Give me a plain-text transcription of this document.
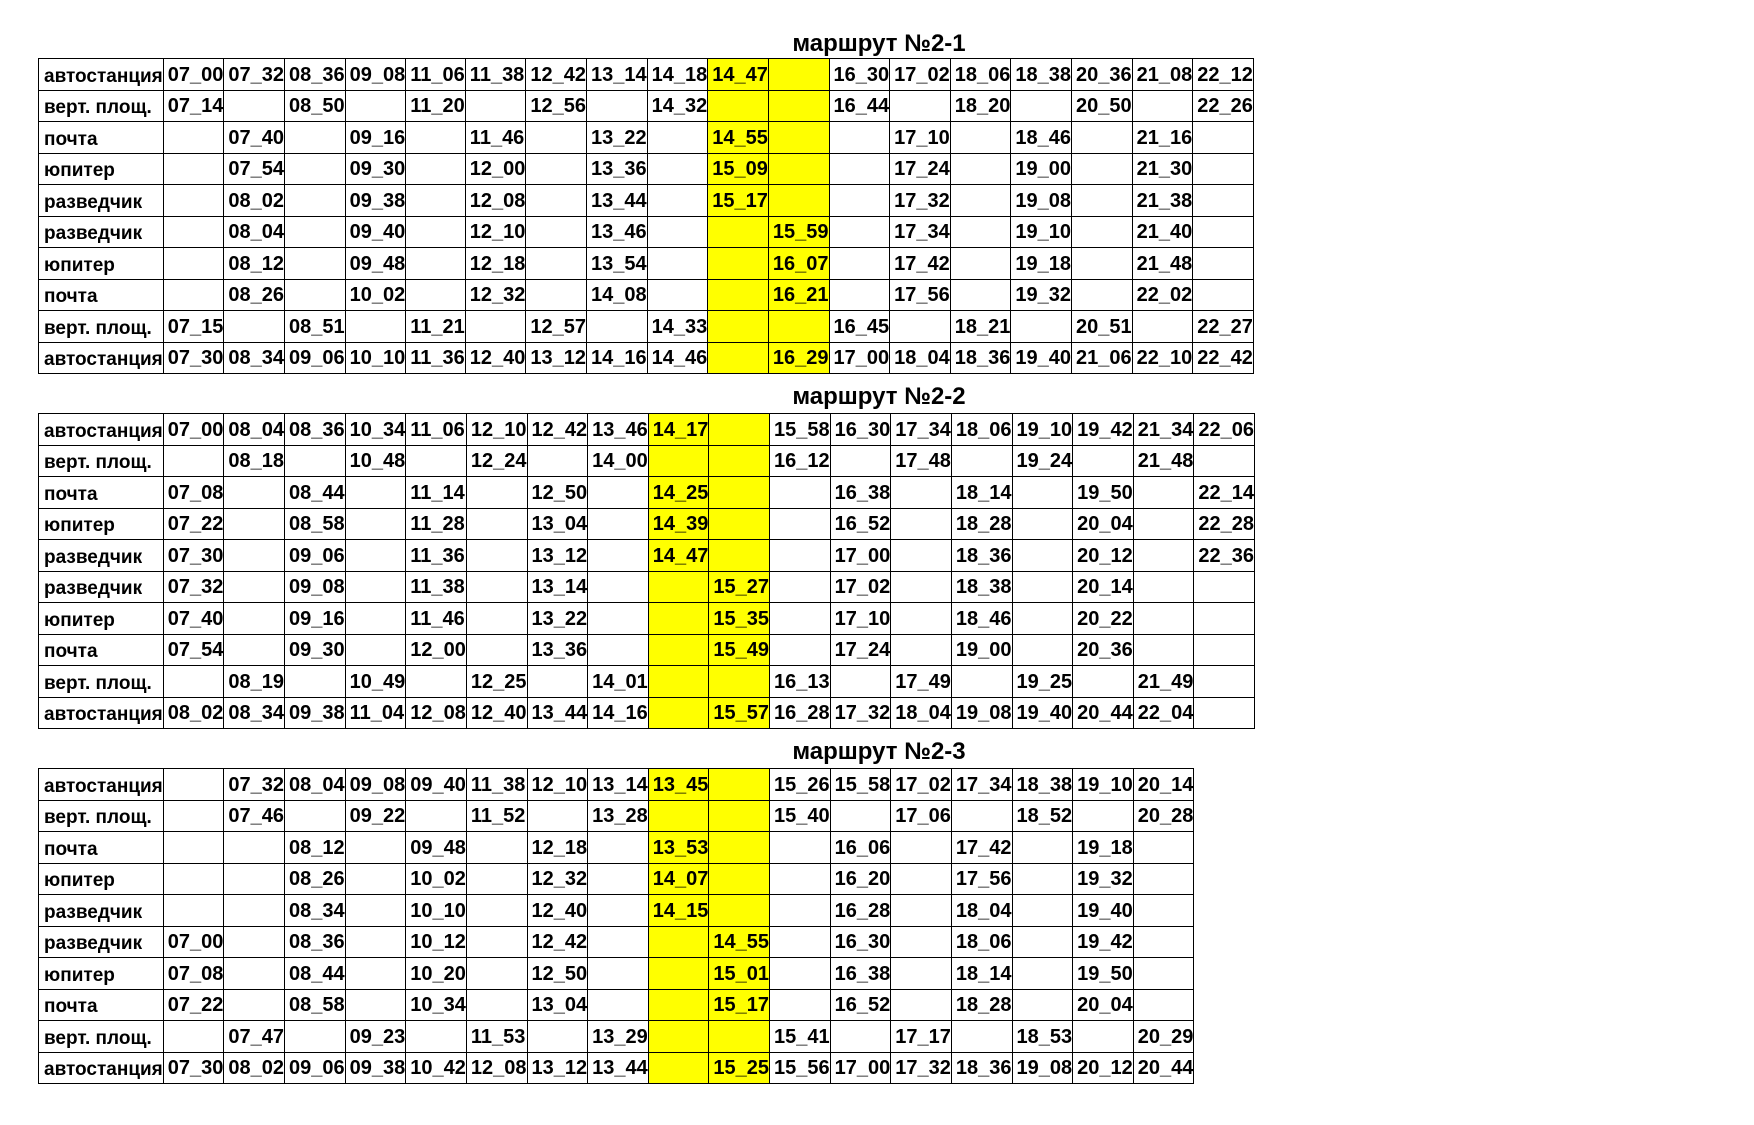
маршрут №2-1
автостанция	07_00	07_32	08_36	09_08	11_06	11_38	12_42	13_14	14_18	14_47		16_30	17_02	18_06	18_38	20_36	21_08	22_12
верт. площ.	07_14		08_50		11_20		12_56		14_32			16_44		18_20		20_50		22_26
почта		07_40		09_16		11_46		13_22		14_55			17_10		18_46		21_16	
юпитер		07_54		09_30		12_00		13_36		15_09			17_24		19_00		21_30	
разведчик		08_02		09_38		12_08		13_44		15_17			17_32		19_08		21_38	
разведчик		08_04		09_40		12_10		13_46			15_59		17_34		19_10		21_40	
юпитер		08_12		09_48		12_18		13_54			16_07		17_42		19_18		21_48	
почта		08_26		10_02		12_32		14_08			16_21		17_56		19_32		22_02	
верт. площ.	07_15		08_51		11_21		12_57		14_33			16_45		18_21		20_51		22_27
автостанция	07_30	08_34	09_06	10_10	11_36	12_40	13_12	14_16	14_46		16_29	17_00	18_04	18_36	19_40	21_06	22_10	22_42
маршрут №2-2
автостанция	07_00	08_04	08_36	10_34	11_06	12_10	12_42	13_46	14_17		15_58	16_30	17_34	18_06	19_10	19_42	21_34	22_06
верт. площ.		08_18		10_48		12_24		14_00			16_12		17_48		19_24		21_48	
почта	07_08		08_44		11_14		12_50		14_25			16_38		18_14		19_50		22_14
юпитер	07_22		08_58		11_28		13_04		14_39			16_52		18_28		20_04		22_28
разведчик	07_30		09_06		11_36		13_12		14_47			17_00		18_36		20_12		22_36
разведчик	07_32		09_08		11_38		13_14			15_27		17_02		18_38		20_14		
юпитер	07_40		09_16		11_46		13_22			15_35		17_10		18_46		20_22		
почта	07_54		09_30		12_00		13_36			15_49		17_24		19_00		20_36		
верт. площ.		08_19		10_49		12_25		14_01			16_13		17_49		19_25		21_49	
автостанция	08_02	08_34	09_38	11_04	12_08	12_40	13_44	14_16		15_57	16_28	17_32	18_04	19_08	19_40	20_44	22_04	
маршрут №2-3
автостанция		07_32	08_04	09_08	09_40	11_38	12_10	13_14	13_45		15_26	15_58	17_02	17_34	18_38	19_10	20_14
верт. площ.		07_46		09_22		11_52		13_28			15_40		17_06		18_52		20_28
почта			08_12		09_48		12_18		13_53			16_06		17_42		19_18	
юпитер			08_26		10_02		12_32		14_07			16_20		17_56		19_32	
разведчик			08_34		10_10		12_40		14_15			16_28		18_04		19_40	
разведчик	07_00		08_36		10_12		12_42			14_55		16_30		18_06		19_42	
юпитер	07_08		08_44		10_20		12_50			15_01		16_38		18_14		19_50	
почта	07_22		08_58		10_34		13_04			15_17		16_52		18_28		20_04	
верт. площ.		07_47		09_23		11_53		13_29			15_41		17_17		18_53		20_29
автостанция	07_30	08_02	09_06	09_38	10_42	12_08	13_12	13_44		15_25	15_56	17_00	17_32	18_36	19_08	20_12	20_44
